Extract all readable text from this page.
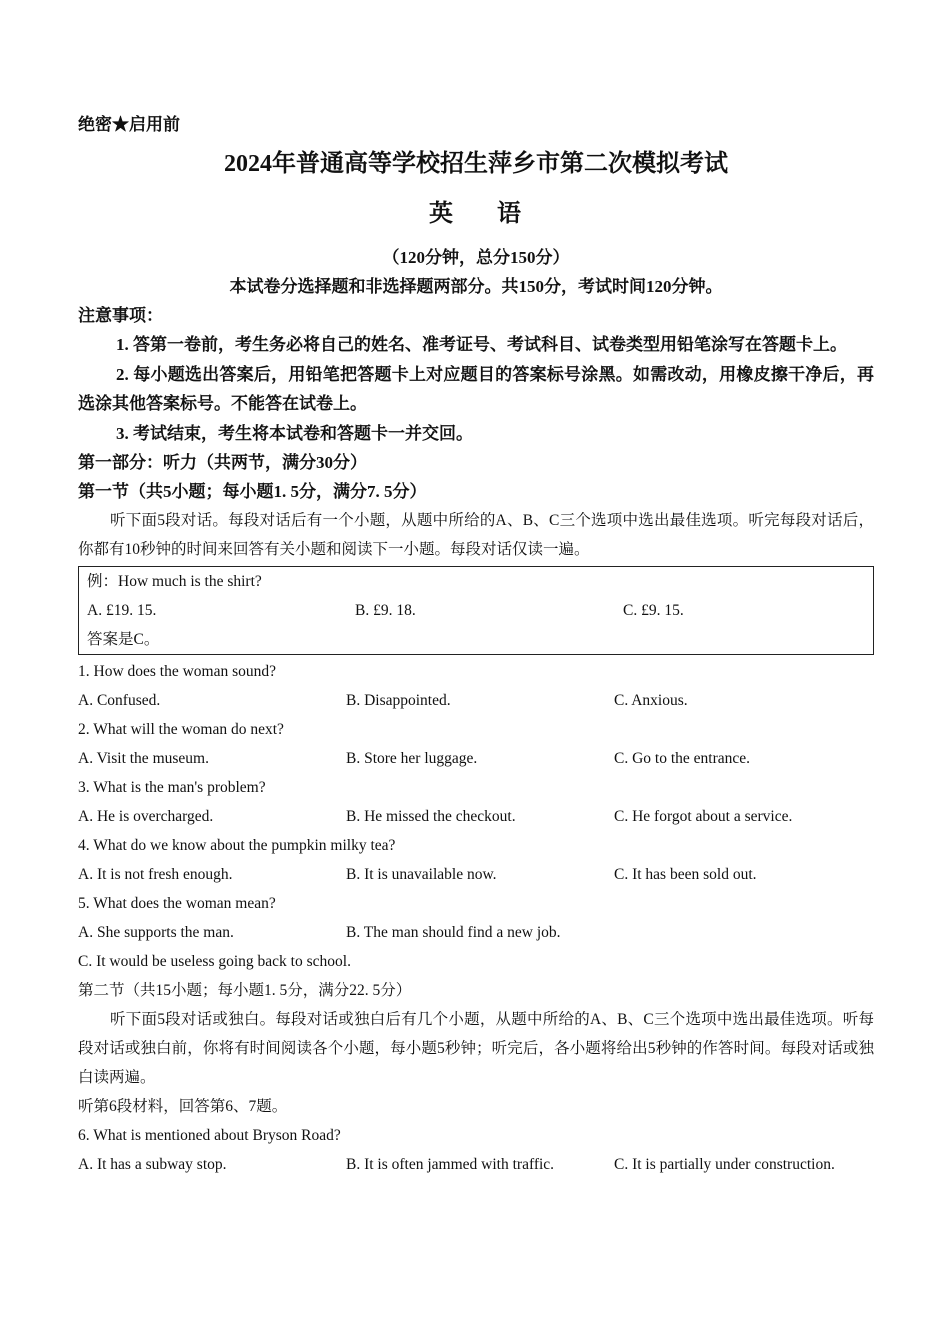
绝密★启用前
2024年普通高等学校招生萍乡市第二次模拟考试
英 语
（120分钟，总分150分）
本试卷分选择题和非选择题两部分。共150分，考试时间120分钟。
注意事项：
1. 答第一卷前，考生务必将自己的姓名、准考证号、考试科目、试卷类型用铅笔涂写在答题卡上。
2. 每小题选出答案后，用铅笔把答题卡上对应题目的答案标号涂黑。如需改动，用橡皮擦干净后，再选涂其他答案标号。不能答在试卷上。
3. 考试结束，考生将本试卷和答题卡一并交回。
第一部分：听力（共两节，满分30分）
第一节（共5小题；每小题1. 5分，满分7. 5分）
听下面5段对话。每段对话后有一个小题，从题中所给的A、B、C三个选项中选出最佳选项。听完每段对话后，你都有10秒钟的时间来回答有关小题和阅读下一小题。每段对话仅读一遍。
例：How much is the shirt?
A. £19. 15.	B. £9. 18.	C. £9. 15.
答案是C。
1. How does the woman sound?
A. Confused.	B. Disappointed.	C. Anxious.
2. What will the woman do next?
A. Visit the museum.	B. Store her luggage.	C. Go to the entrance.
3. What is the man's problem?
A. He is overcharged.	B. He missed the checkout.	C. He forgot about a service.
4. What do we know about the pumpkin milky tea?
A. It is not fresh enough.	B. It is unavailable now.	C. It has been sold out.
5. What does the woman mean?
A. She supports the man.	B. The man should find a new job.
C. It would be useless going back to school.
第二节（共15小题；每小题1. 5分，满分22. 5分）
听下面5段对话或独白。每段对话或独白后有几个小题，从题中所给的A、B、C三个选项中选出最佳选项。听每段对话或独白前，你将有时间阅读各个小题，每小题5秒钟；听完后，各小题将给出5秒钟的作答时间。每段对话或独白读两遍。
听第6段材料，回答第6、7题。
6. What is mentioned about Bryson Road?
A. It has a subway stop.	B. It is often jammed with traffic.	C. It is partially under construction.
